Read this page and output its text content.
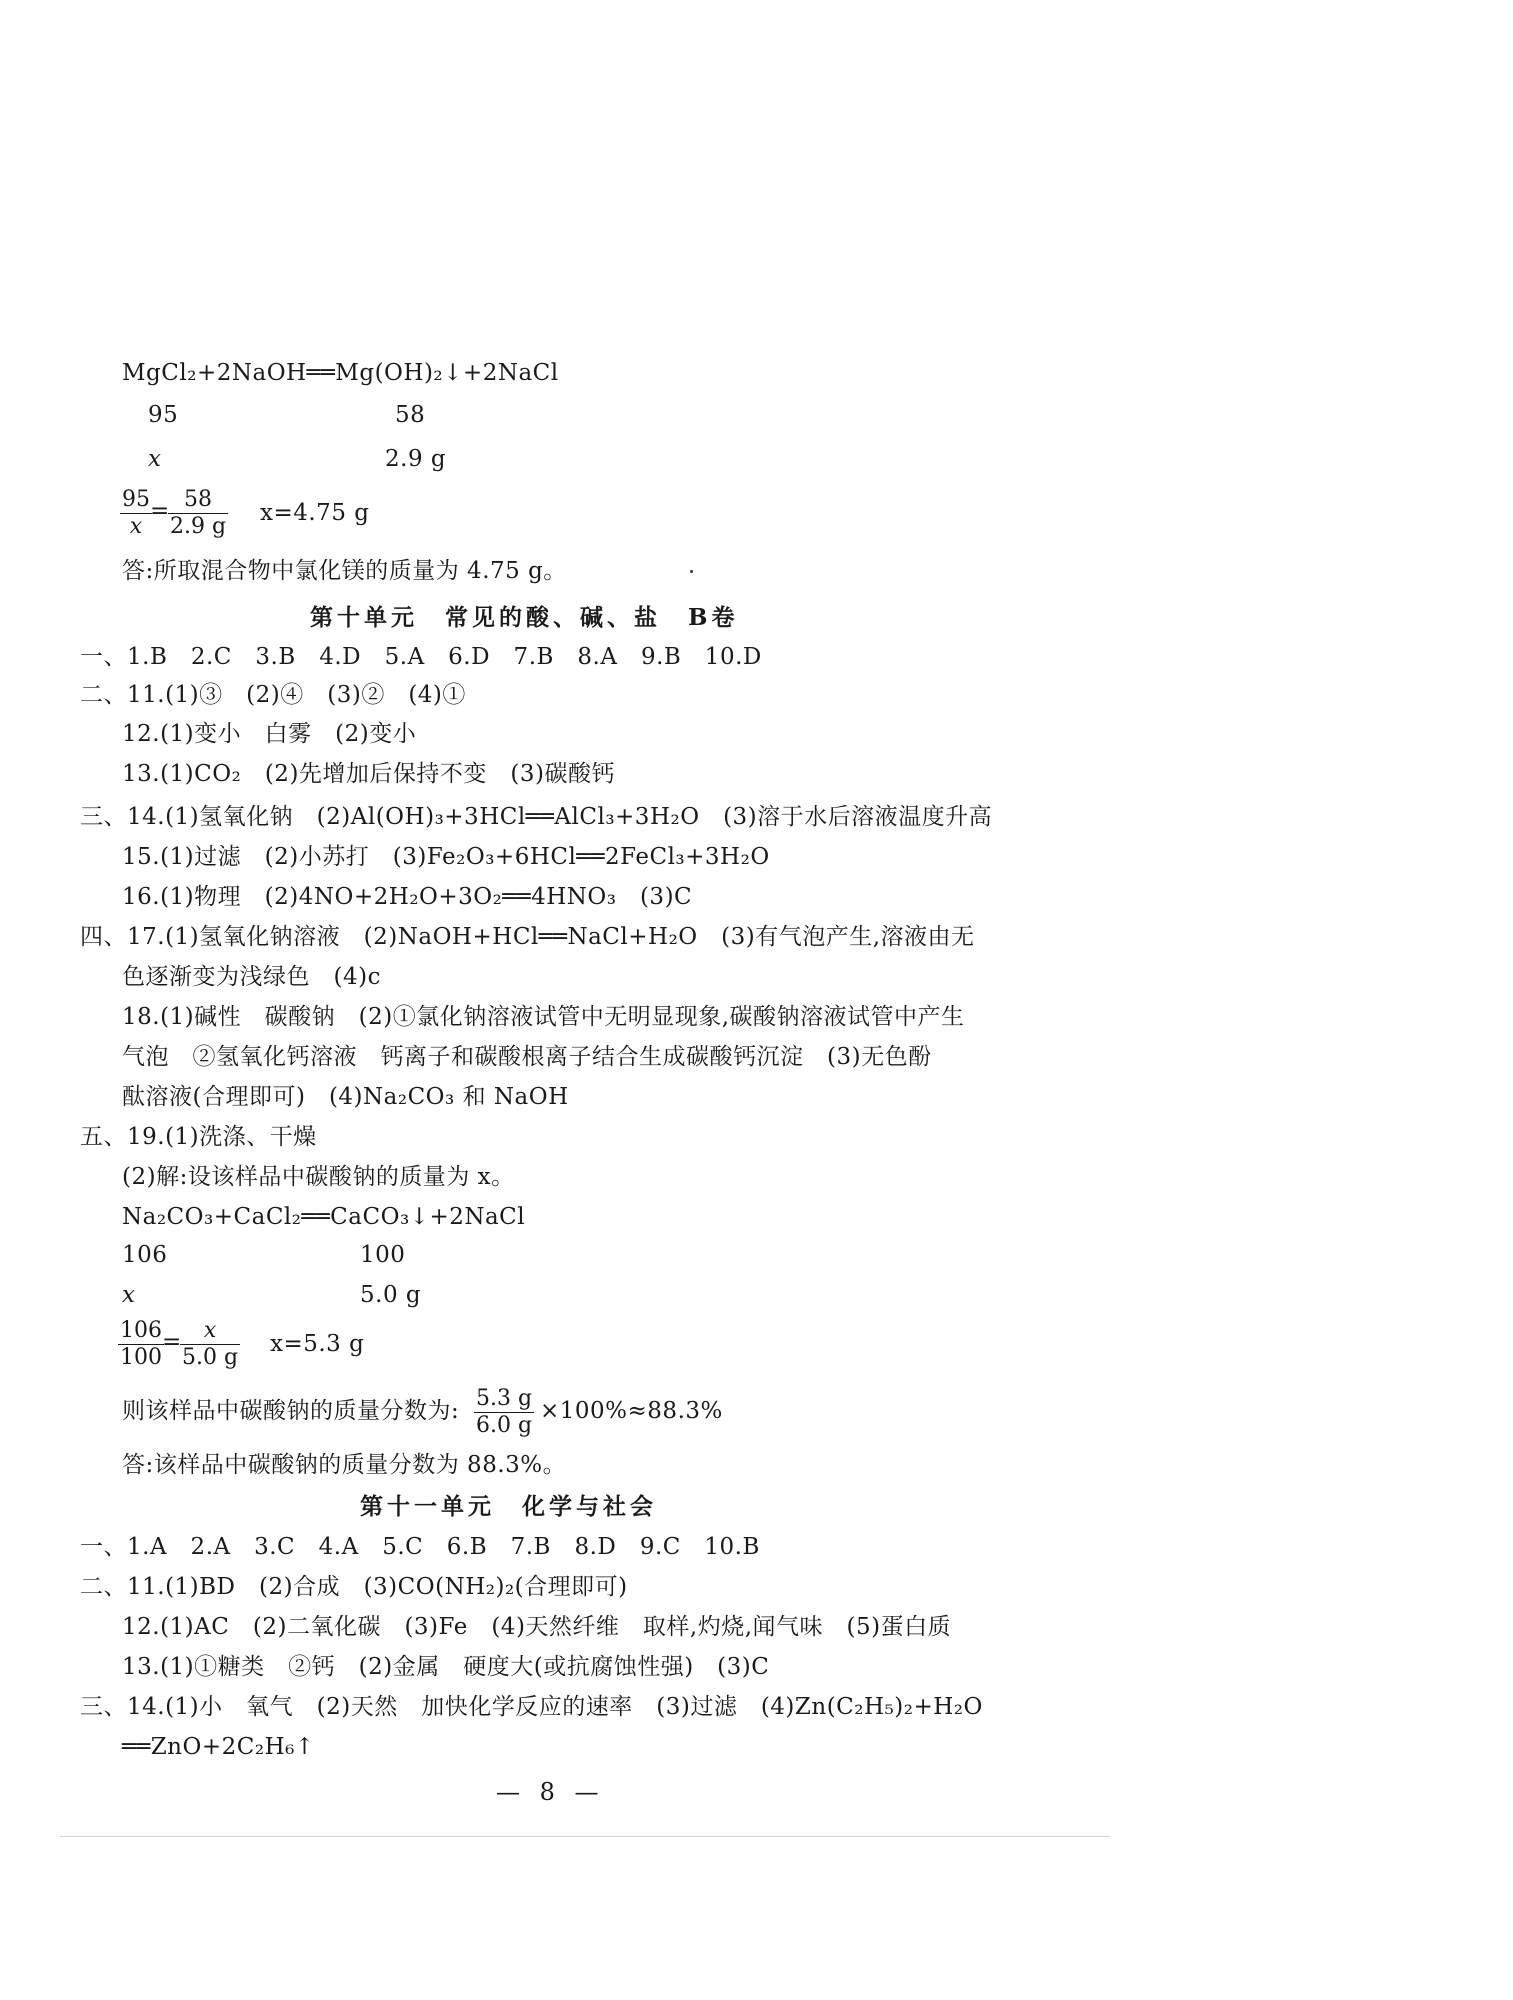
MgCl₂+2NaOH══Mg(OH)₂↓+2NaCl
95	58
x	2.9 g
$\frac{95}{x}$
=
$\frac{58}{2.9 g} x=4.75$ g
答:所取混合物中氯化镁的质量为 4.75 g。
第十单元　常见的酸、碱、盐　B卷
一、1.B　2.C　3.B　4.D　5.A　6.D　7.B　8.A　9.B　10.D
二、11.(1)③　(2)④　(3)②　(4)①
12.(1)变小　白雾　(2)变小
13.(1)CO₂　(2)先增加后保持不变　(3)碳酸钙
三、14.(1)氢氧化钠　(2)Al(OH)₃+3HCl══AlCl₃+3H₂O　(3)溶于水后溶液温度升高
15.(1)过滤　(2)小苏打　(3)Fe₂O₃+6HCl══2FeCl₃+3H₂O
16.(1)物理　(2)4NO+2H₂O+3O₂══4HNO₃　(3)C
四、17.(1)氢氧化钠溶液　(2)NaOH+HCl══NaCl+H₂O　(3)有气泡产生,溶液由无
色逐渐变为浅绿色　(4)c
18.(1)碱性　碳酸钠　(2)①氯化钠溶液试管中无明显现象,碳酸钠溶液试管中产生
气泡　②氢氧化钙溶液　钙离子和碳酸根离子结合生成碳酸钙沉淀　(3)无色酚
酞溶液(合理即可)　(4)Na₂CO₃ 和 NaOH
五、19.(1)洗涤、干燥
(2)解:设该样品中碳酸钠的质量为 x。
Na₂CO₃+CaCl₂══CaCO₃↓+2NaCl
106	100
x	5.0 g
$\frac{106}{100}$
=
$\frac{x}{5.0 g} x=5.3$ g
则该样品中碳酸钠的质量分数为: $\frac{5.3 g}{6.0 g} \times 100\%\approx 88.3\%$
答:该样品中碳酸钠的质量分数为 88.3%。
第十一单元　化学与社会
一、1.A　2.A　3.C　4.A　5.C　6.B　7.B　8.D　9.C　10.B
二、11.(1)BD　(2)合成　(3)CO(NH₂)₂(合理即可)
12.(1)AC　(2)二氧化碳　(3)Fe　(4)天然纤维　取样,灼烧,闻气味　(5)蛋白质
13.(1)①糖类　②钙　(2)金属　硬度大(或抗腐蚀性强)　(3)C
三、14.(1)小　氧气　(2)天然　加快化学反应的速率　(3)过滤　(4)Zn(C₂H₅)₂+H₂O
══ZnO+2C₂H₆↑
— 8 —
